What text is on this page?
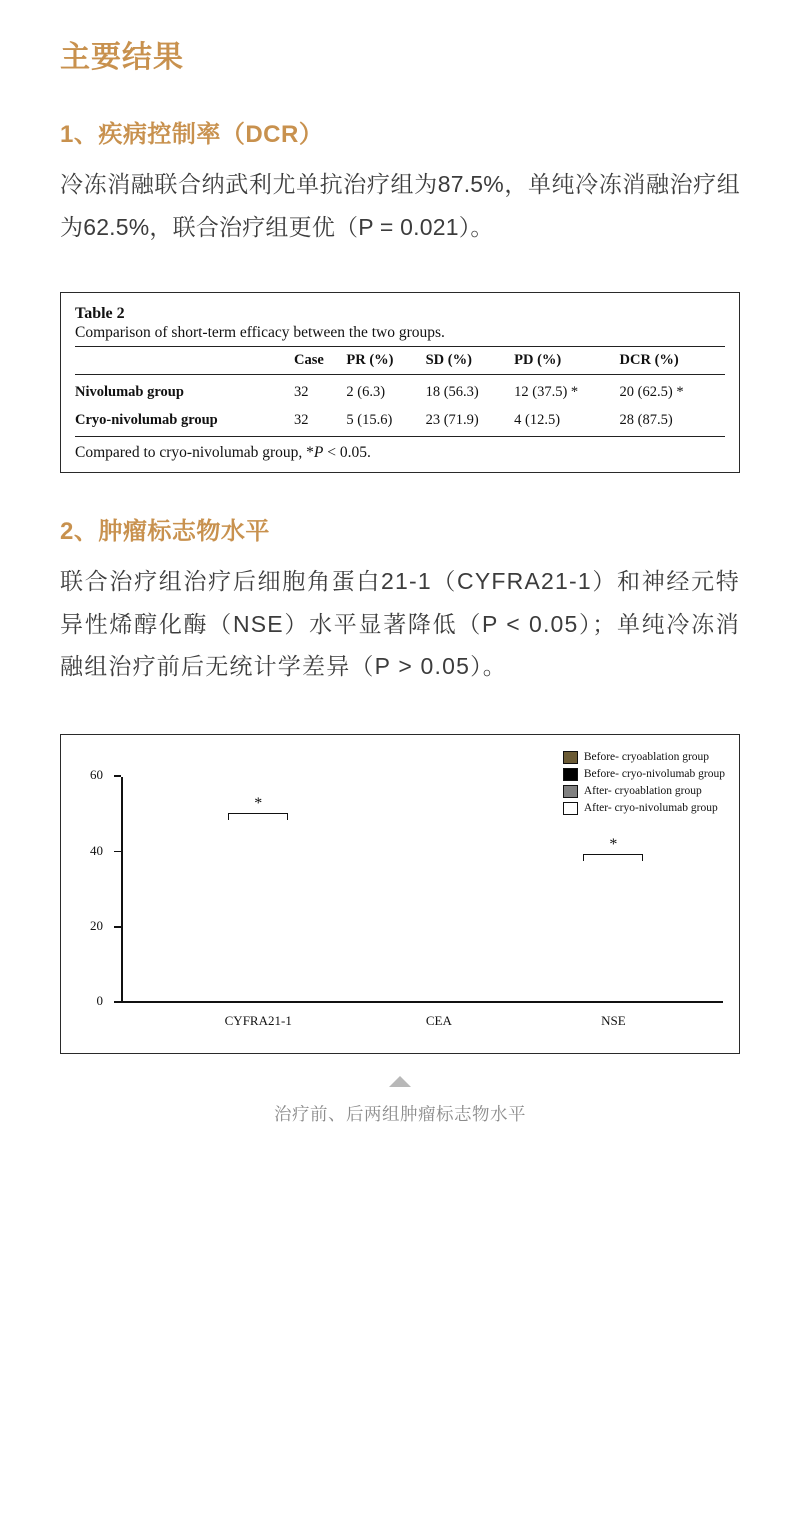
主要结果
1、疾病控制率（DCR）

冷冻消融联合纳武利尤单抗治疗组为87.5%，单纯冷冻消融治疗组为62.5%，联合治疗组更优（P = 0.021）。

Table 2
Comparison of short-term efficacy between the two groups.
	Case	PR (%)	SD (%)	PD (%)	DCR (%)
Nivolumab group	32	2 (6.3)	18 (56.3)	12 (37.5) *	20 (62.5) *
Cryo-nivolumab group	32	5 (15.6)	23 (71.9)	4 (12.5)	28 (87.5)
Compared to cryo-nivolumab group, *P < 0.05.
2、肿瘤标志物水平

联合治疗组治疗后细胞角蛋白21-1（CYFRA21-1）和神经元特异性烯醇化酶（NSE）水平显著降低（P < 0.05）；单纯冷冻消融组治疗前后无统计学差异（P > 0.05）。

Before- cryoablation group
Before- cryo-nivolumab group
After- cryoablation group
After- cryo-nivolumab group
0
20
40
60
*
CYFRA21-1	CEA
*
NSE
治疗前、后两组肿瘤标志物水平
